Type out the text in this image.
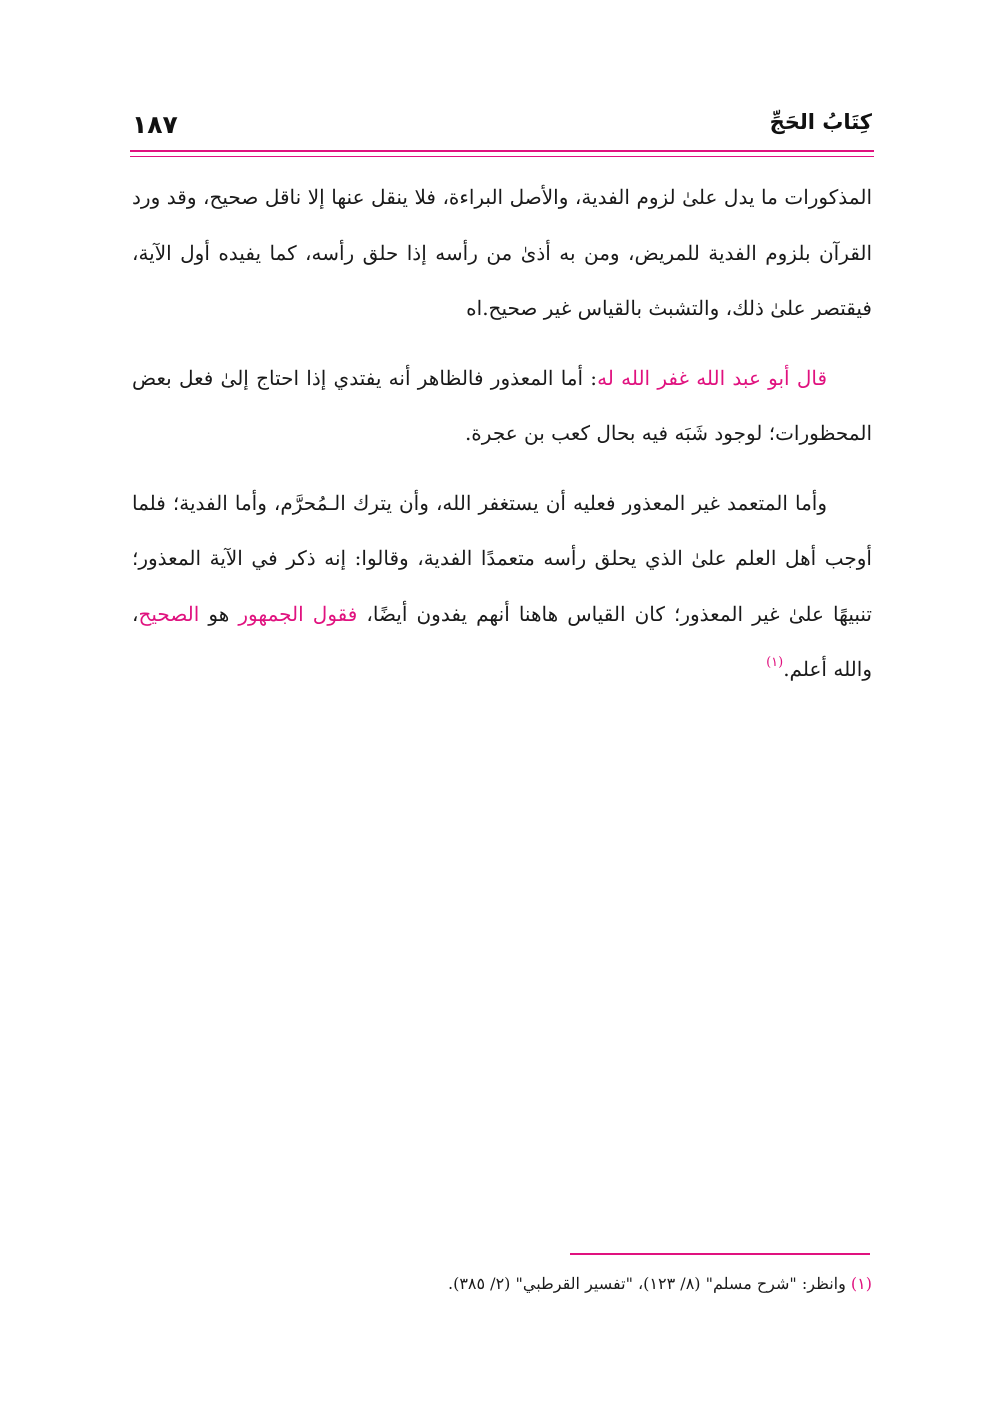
١٨٧	كِتَابُ الحَجِّ

المذكورات ما يدل علىٰ لزوم الفدية، والأصل البراءة، فلا ينقل عنها إلا ناقل صحيح، وقد ورد القرآن بلزوم الفدية للمريض، ومن به أذىٰ من رأسه إذا حلق رأسه، كما يفيده أول الآية، فيقتصر علىٰ ذلك، والتشبث بالقياس غير صحيح.اه

قال أبو عبد الله غفر الله له: أما المعذور فالظاهر أنه يفتدي إذا احتاج إلىٰ فعل بعض المحظورات؛ لوجود شَبَه فيه بحال كعب بن عجرة.

وأما المتعمد غير المعذور فعليه أن يستغفر الله، وأن يترك الـمُحرَّم، وأما الفدية؛ فلما أوجب أهل العلم علىٰ الذي يحلق رأسه متعمدًا الفدية، وقالوا: إنه ذكر في الآية المعذور؛ تنبيهًا علىٰ غير المعذور؛ كان القياس هاهنا أنهم يفدون أيضًا، فقول الجمهور هو الصحيح، والله أعلم.$^{(١)}$

(١) وانظر: "شرح مسلم" (٨/ ١٢٣)، "تفسير القرطبي" (٢/ ٣٨٥).
